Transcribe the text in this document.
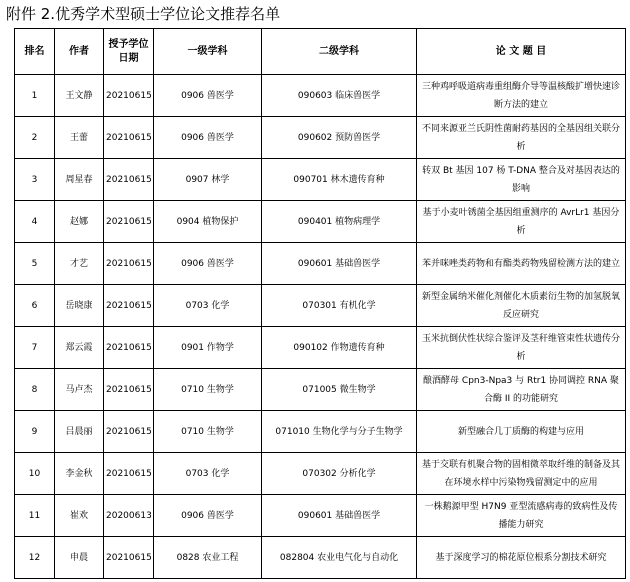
附件 2.优秀学术型硕士学位论文推荐名单
排名	作者	授予学位日期	一级学科	二级学科	论 文 题 目
1	王文静	20210615	0906 兽医学	090603 临床兽医学	三种鸡呼吸道病毒重组酶介导等温核酸扩增快速诊断方法的建立
2	王蕾	20210615	0906 兽医学	090602 预防兽医学	不同来源亚兰氏阴性菌耐药基因的全基因组关联分析
3	周星春	20210615	0907 林学	090701 林木遗传育种	转双 Bt 基因 107 杨 T-DNA 整合及对基因表达的影响
4	赵娜	20210615	0904 植物保护	090401 植物病理学	基于小麦叶锈菌全基因组重测序的 AvrLr1 基因分析
5	才艺	20210615	0906 兽医学	090601 基础兽医学	苯并咪唑类药物和有酯类药物残留检测方法的建立
6	岳晓康	20210615	0703 化学	070301 有机化学	新型金属纳米催化剂催化木质素衍生物的加氢脱氧反应研究
7	郑云霞	20210615	0901 作物学	090102 作物遗传育种	玉米抗倒伏性状综合鉴评及茎秆维管束性状遗传分析
8	马卢杰	20210615	0710 生物学	071005 微生物学	酿酒酵母 Cpn3-Npa3 与 Rtr1 协同调控 RNA 聚合酶 II 的功能研究
9	吕晨丽	20210615	0710 生物学	071010 生物化学与分子生物学	新型融合几丁质酶的构建与应用
10	李金秋	20210615	0703 化学	070302 分析化学	基于交联有机聚合物的固相微萃取纤维的制备及其在环境水样中污染物残留测定中的应用
11	崔欢	20200613	0906 兽医学	090601 基础兽医学	一株鹅源甲型 H7N9 亚型流感病毒的致病性及传播能力研究
12	申晨	20210615	0828 农业工程	082804 农业电气化与自动化	基于深度学习的棉花原位根系分割技术研究
